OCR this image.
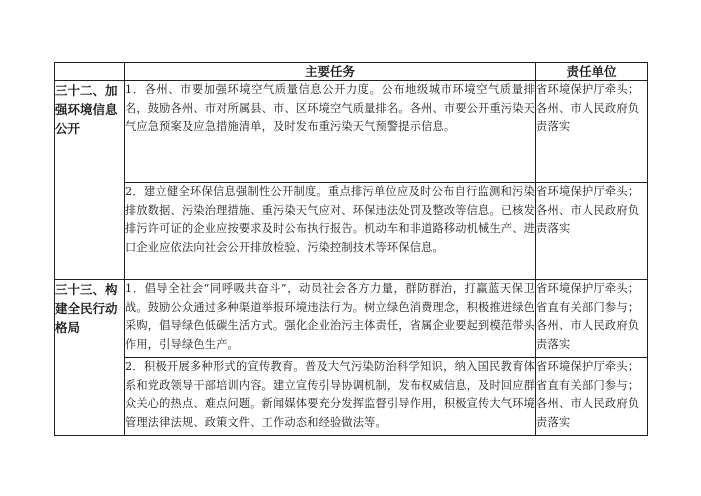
	主要任务	责任单位

三十二、加
强环境信息
公开	1．各州、市要加强环境空气质量信息公开力度。公布地级城市环境空气质量排名，鼓励各州、市对所属县、市、区环境空气质量排名。各州、市要公开重污染天气应急预案及应急措施清单，及时发布重污染天气预警提示信息。	省环境保护厅牵头；
各州、市人民政府负
责落实

	2．建立健全环保信息强制性公开制度。重点排污单位应及时公布自行监测和污染排放数据、污染治理措施、重污染天气应对、环保违法处罚及整改等信息。已核发排污许可证的企业应按要求及时公布执行报告。机动车和非道路移动机械生产、进口企业应依法向社会公开排放检验、污染控制技术等环保信息。	省环境保护厅牵头；
各州、市人民政府负
责落实

三十三、构
建全民行动
格局	1．倡导全社会“同呼吸共奋斗”，动员社会各方力量，群防群治，打赢蓝天保卫战。鼓励公众通过多种渠道举报环境违法行为。树立绿色消费理念，积极推进绿色采购，倡导绿色低碳生活方式。强化企业治污主体责任，省属企业要起到模范带头作用，引导绿色生产。	省环境保护厅牵头；
省直有关部门参与；
各州、市人民政府负
责落实

	2．积极开展多种形式的宣传教育。普及大气污染防治科学知识，纳入国民教育体系和党政领导干部培训内容。建立宣传引导协调机制，发布权威信息，及时回应群众关心的热点、难点问题。新闻媒体要充分发挥监督引导作用，积极宣传大气环境管理法律法规、政策文件、工作动态和经验做法等。	省环境保护厅牵头；
省直有关部门参与；
各州、市人民政府负
责落实
